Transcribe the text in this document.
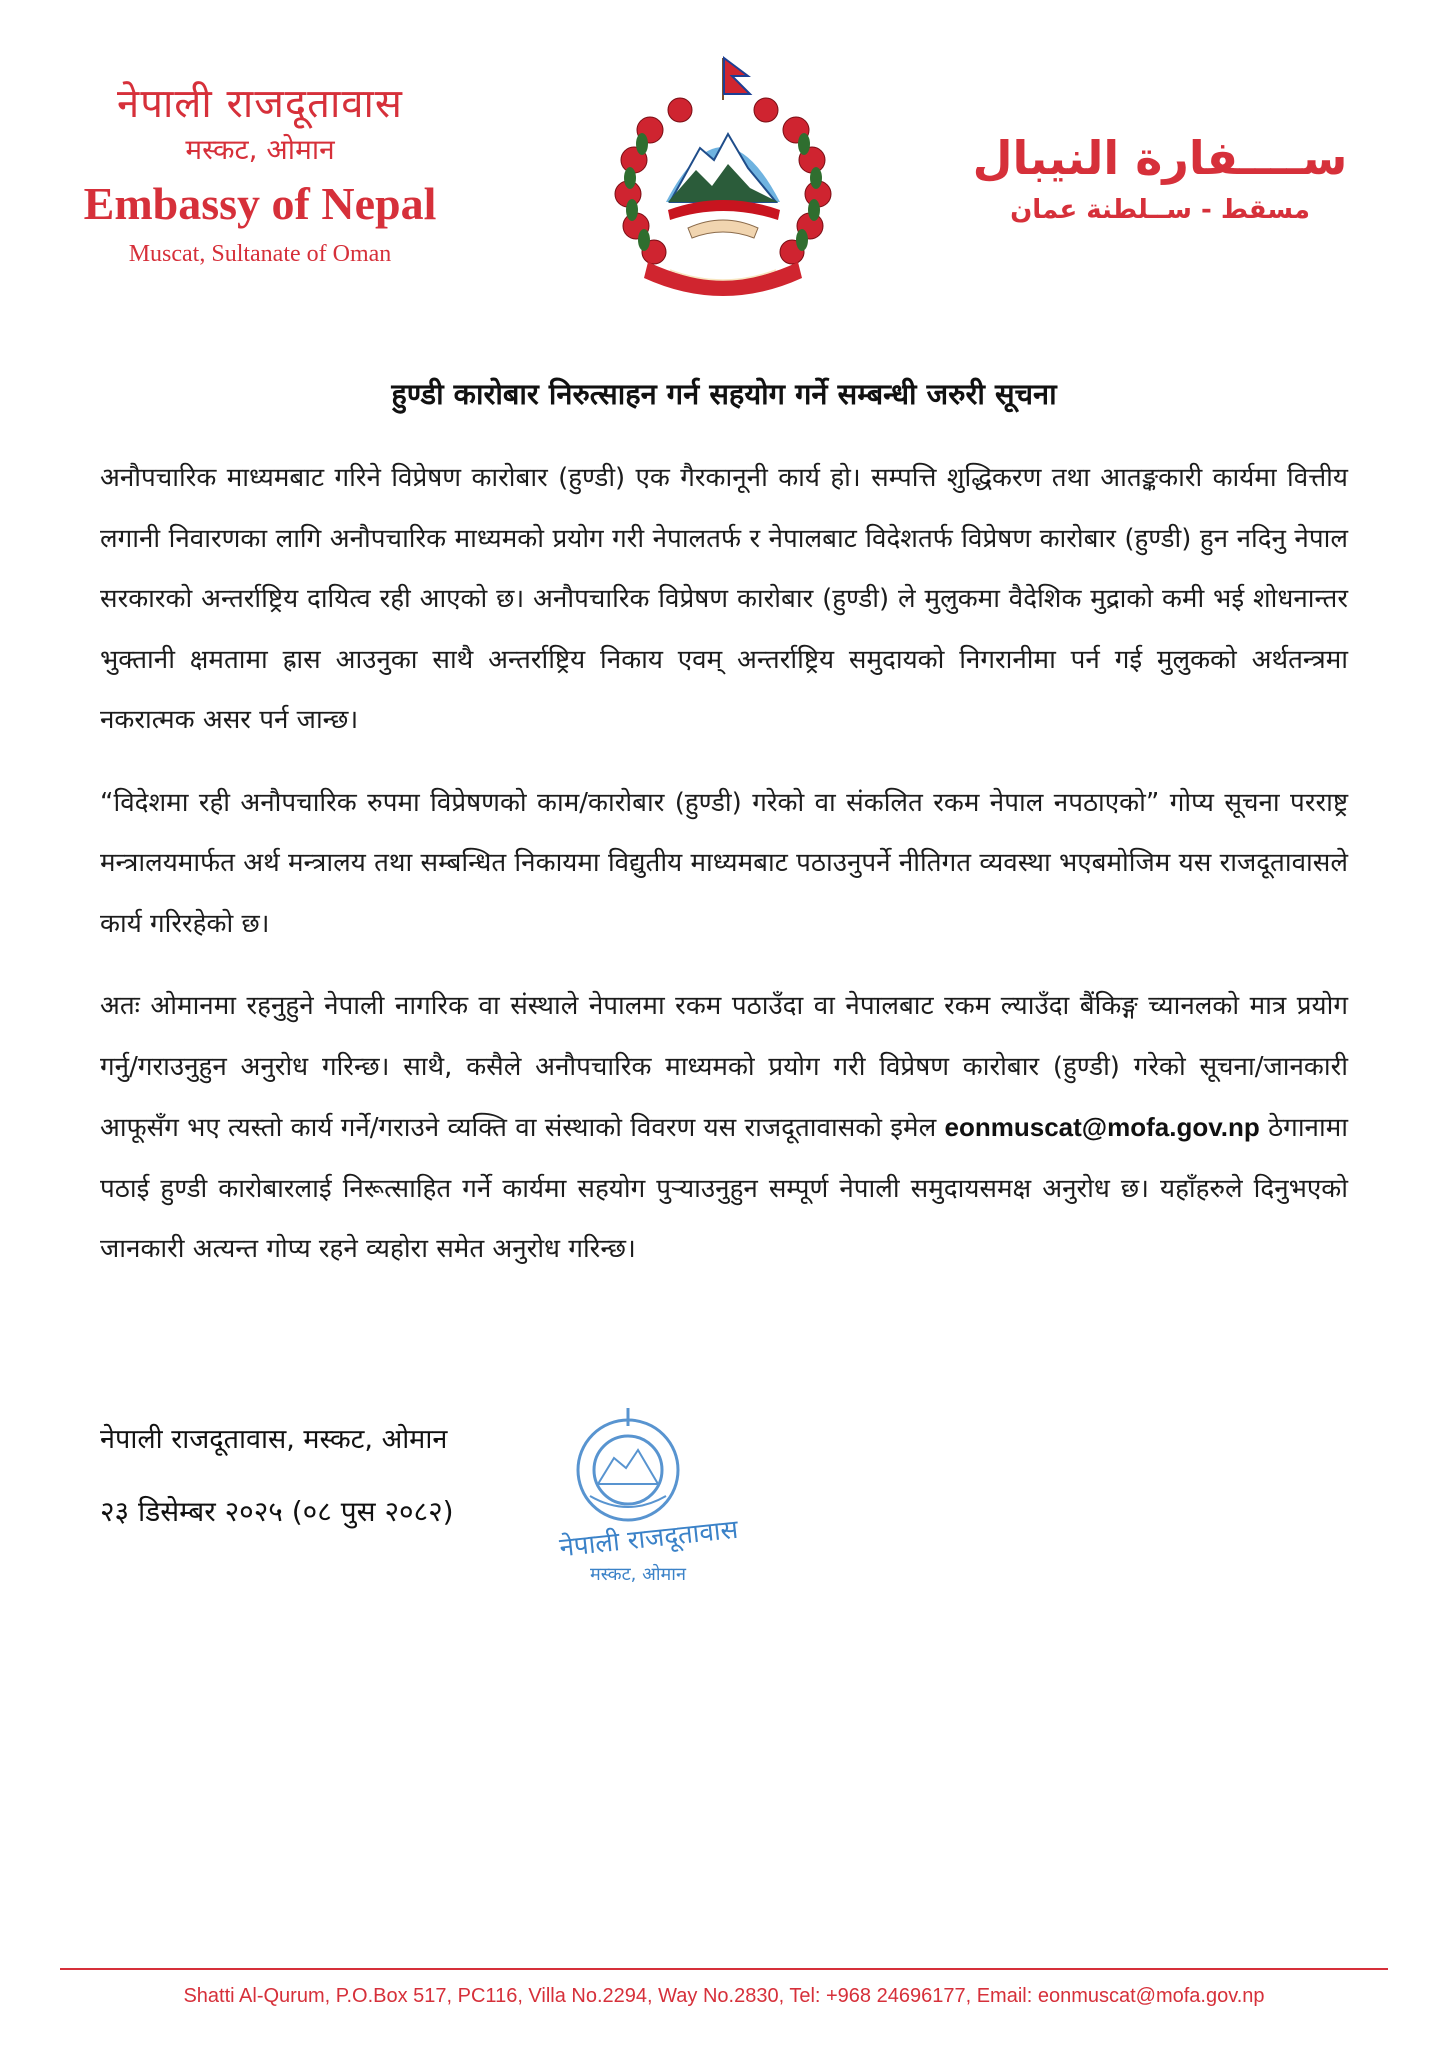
नेपाली राजदूतावास
मस्कट, ओमान
Embassy of Nepal
Muscat, Sultanate of Oman
ســــفارة النيبال
مسقط - ســلطنة عمان
हुण्डी कारोबार निरुत्साहन गर्न सहयोग गर्ने सम्बन्धी जरुरी सूचना

अनौपचारिक माध्यमबाट गरिने विप्रेषण कारोबार (हुण्डी) एक गैरकानूनी कार्य हो। सम्पत्ति शुद्धिकरण तथा आतङ्ककारी कार्यमा वित्तीय लगानी निवारणका लागि अनौपचारिक माध्यमको प्रयोग गरी नेपालतर्फ र नेपालबाट विदेशतर्फ विप्रेषण कारोबार (हुण्डी) हुन नदिनु नेपाल सरकारको अन्तर्राष्ट्रिय दायित्व रही आएको छ। अनौपचारिक विप्रेषण कारोबार (हुण्डी) ले मुलुकमा वैदेशिक मुद्राको कमी भई शोधनान्तर भुक्तानी क्षमतामा ह्रास आउनुका साथै अन्तर्राष्ट्रिय निकाय एवम् अन्तर्राष्ट्रिय समुदायको निगरानीमा पर्न गई मुलुकको अर्थतन्त्रमा नकरात्मक असर पर्न जान्छ।

“विदेशमा रही अनौपचारिक रुपमा विप्रेषणको काम/कारोबार (हुण्डी) गरेको वा संकलित रकम नेपाल नपठाएको” गोप्य सूचना परराष्ट्र मन्त्रालयमार्फत अर्थ मन्त्रालय तथा सम्बन्धित निकायमा विद्युतीय माध्यमबाट पठाउनुपर्ने नीतिगत व्यवस्था भएबमोजिम यस राजदूतावासले कार्य गरिरहेको छ।

अतः ओमानमा रहनुहुने नेपाली नागरिक वा संस्थाले नेपालमा रकम पठाउँदा वा नेपालबाट रकम ल्याउँदा बैंकिङ्ग च्यानलको मात्र प्रयोग गर्नु/गराउनुहुन अनुरोध गरिन्छ। साथै, कसैले अनौपचारिक माध्यमको प्रयोग गरी विप्रेषण कारोबार (हुण्डी) गरेको सूचना/जानकारी आफूसँग भए त्यस्तो कार्य गर्ने/गराउने व्यक्ति वा संस्थाको विवरण यस राजदूतावासको इमेल eonmuscat@mofa.gov.np ठेगानामा पठाई हुण्डी कारोबारलाई निरूत्साहित गर्ने कार्यमा सहयोग पुऱ्याउनुहुन सम्पूर्ण नेपाली समुदायसमक्ष अनुरोध छ। यहाँहरुले दिनुभएको जानकारी अत्यन्त गोप्य रहने व्यहोरा समेत अनुरोध गरिन्छ।

नेपाली राजदूतावास, मस्कट, ओमान
२३ डिसेम्बर २०२५ (०८ पुस २०८२)
नेपाली राजदूतावास
मस्कट, ओमान
Shatti Al-Qurum, P.O.Box 517, PC116, Villa No.2294, Way No.2830, Tel: +968 24696177, Email: eonmuscat@mofa.gov.np
